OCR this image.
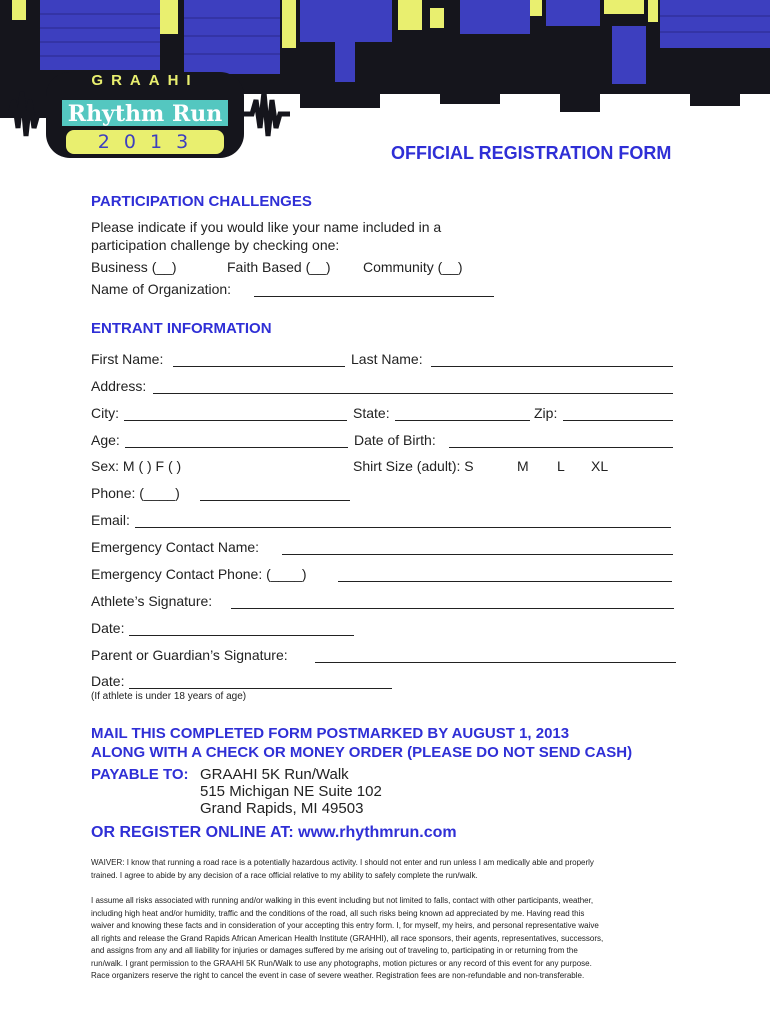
GRAAHI
Rhythm Run
2 0 1 3	OFFICIAL REGISTRATION FORM
PARTICIPATION CHALLENGES
Please indicate if you would like your name included in a
participation challenge by checking one:
Business (__)	Faith Based (__) Community (__)
Name of Organization:
ENTRANT INFORMATION
First Name:	Last Name:
Address:
City:	State:	Zip:
Age:	Date of Birth:
Sex: M ( ) F ( )	Shirt Size (adult): S	M L XL
Phone: (____)
Email:
Emergency Contact Name:
Emergency Contact Phone: (____)
Athlete’s Signature:
Date:
Parent or Guardian’s Signature:
Date:
(If athlete is under 18 years of age)
MAIL THIS COMPLETED FORM POSTMARKED BY AUGUST 1, 2013
ALONG WITH A CHECK OR MONEY ORDER (PLEASE DO NOT SEND CASH)
PAYABLE TO: GRAAHI 5K Run/Walk
515 Michigan NE Suite 102
Grand Rapids, MI 49503
OR REGISTER ONLINE AT: www.rhythmrun.com
WAIVER: I know that running a road race is a potentially hazardous activity. I should not enter and run unless I am medically able and properly
trained. I agree to abide by any decision of a race official relative to my ability to safely complete the run/walk.
I assume all risks associated with running and/or walking in this event including but not limited to falls, contact with other participants, weather,
including high heat and/or humidity, traffic and the conditions of the road, all such risks being known ad appreciated by me. Having read this
waiver and knowing these facts and in consideration of your accepting this entry form. I, for myself, my heirs, and personal representative waive
all rights and release the Grand Rapids African American Health Institute (GRAHHI), all race sponsors, their agents, representatives, successors,
and assigns from any and all liability for injuries or damages suffered by me arising out of traveling to, participating in or returning from the
run/walk. I grant permission to the GRAAHI 5K Run/Walk to use any photographs, motion pictures or any record of this event for any purpose.
Race organizers reserve the right to cancel the event in case of severe weather. Registration fees are non-refundable and non-transferable.
